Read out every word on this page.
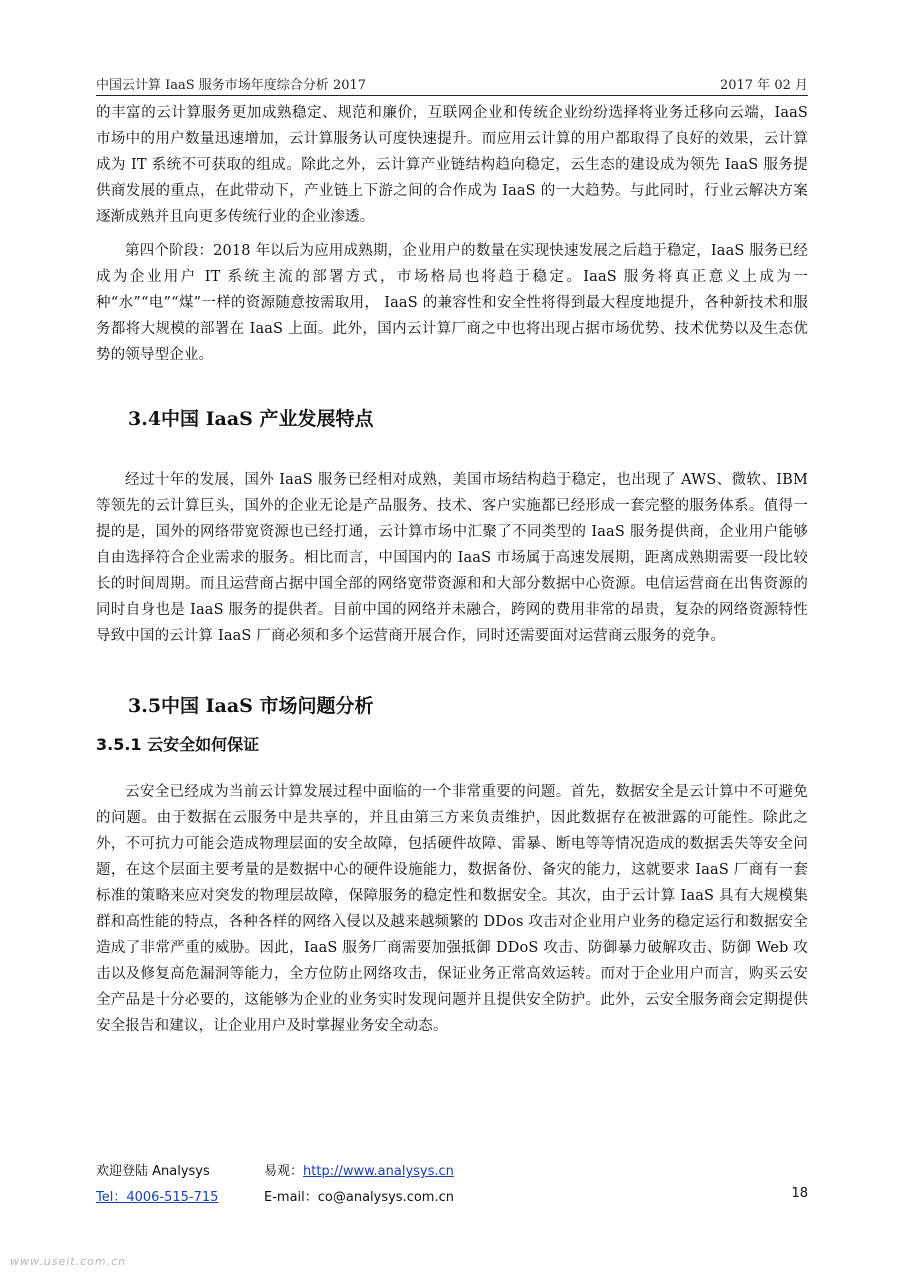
中国云计算 IaaS 服务市场年度综合分析 2017	2017 年 02 月

的丰富的云计算服务更加成熟稳定、规范和廉价，互联网企业和传统企业纷纷选择将业务迁移向云端，IaaS 市场中的用户数量迅速增加，云计算服务认可度快速提升。而应用云计算的用户都取得了良好的效果，云计算成为 IT 系统不可获取的组成。除此之外，云计算产业链结构趋向稳定，云生态的建设成为领先 IaaS 服务提供商发展的重点，在此带动下，产业链上下游之间的合作成为 IaaS 的一大趋势。与此同时，行业云解决方案逐渐成熟并且向更多传统行业的企业渗透。

第四个阶段：2018 年以后为应用成熟期，企业用户的数量在实现快速发展之后趋于稳定，IaaS 服务已经成为企业用户 IT 系统主流的部署方式，市场格局也将趋于稳定。IaaS 服务将真正意义上成为一种“水”“电”“煤”一样的资源随意按需取用， IaaS 的兼容性和安全性将得到最大程度地提升，各种新技术和服务都将大规模的部署在 IaaS 上面。此外，国内云计算厂商之中也将出现占据市场优势、技术优势以及生态优势的领导型企业。

3.4中国 IaaS 产业发展特点

经过十年的发展，国外 IaaS 服务已经相对成熟，美国市场结构趋于稳定，也出现了 AWS、微软、IBM 等领先的云计算巨头，国外的企业无论是产品服务、技术、客户实施都已经形成一套完整的服务体系。值得一提的是，国外的网络带宽资源也已经打通，云计算市场中汇聚了不同类型的 IaaS 服务提供商，企业用户能够自由选择符合企业需求的服务。相比而言，中国国内的 IaaS 市场属于高速发展期，距离成熟期需要一段比较长的时间周期。而且运营商占据中国全部的网络宽带资源和和大部分数据中心资源。电信运营商在出售资源的同时自身也是 IaaS 服务的提供者。目前中国的网络并未融合，跨网的费用非常的昂贵，复杂的网络资源特性导致中国的云计算 IaaS 厂商必须和多个运营商开展合作，同时还需要面对运营商云服务的竞争。

3.5中国 IaaS 市场问题分析
3.5.1 云安全如何保证

云安全已经成为当前云计算发展过程中面临的一个非常重要的问题。首先，数据安全是云计算中不可避免的问题。由于数据在云服务中是共享的，并且由第三方来负责维护，因此数据存在被泄露的可能性。除此之外，不可抗力可能会造成物理层面的安全故障，包括硬件故障、雷暴、断电等等情况造成的数据丢失等安全问题，在这个层面主要考量的是数据中心的硬件设施能力，数据备份、备灾的能力，这就要求 IaaS 厂商有一套标准的策略来应对突发的物理层故障，保障服务的稳定性和数据安全。其次，由于云计算 IaaS 具有大规模集群和高性能的特点，各种各样的网络入侵以及越来越频繁的 DDos 攻击对企业用户业务的稳定运行和数据安全造成了非常严重的威胁。因此，IaaS 服务厂商需要加强抵御 DDoS 攻击、防御暴力破解攻击、防御 Web 攻击以及修复高危漏洞等能力，全方位防止网络攻击，保证业务正常高效运转。而对于企业用户而言，购买云安全产品是十分必要的，这能够为企业的业务实时发现问题并且提供安全防护。此外，云安全服务商会定期提供安全报告和建议，让企业用户及时掌握业务安全动态。

欢迎登陆 Analysys	易观：http://www.analysys.cn
Tel：4006-515-715	E-mail：co@analysys.com.cn	18
www.useit.com.cn
